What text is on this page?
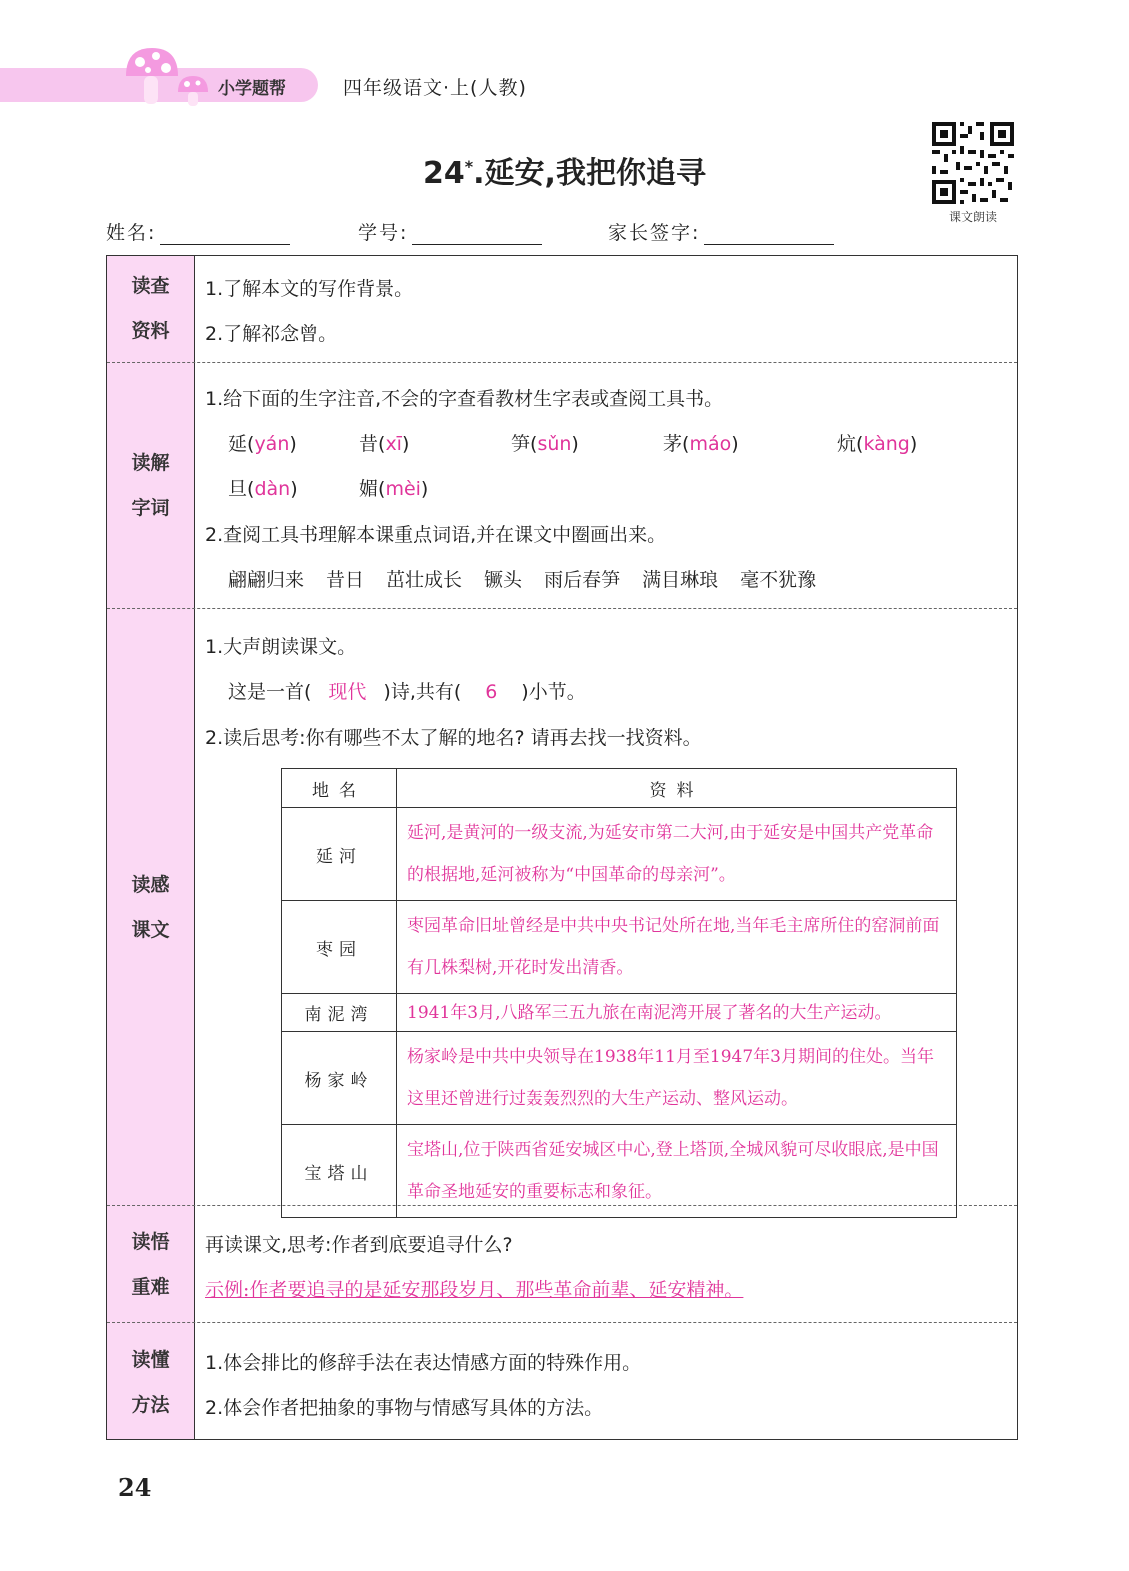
小学题帮	四年级语文·上(人教)
24*.延安,我把你追寻
课文朗读
姓名:	学号:	家长签字:
读查
资料
1.了解本文的写作背景。
2.了解祁念曾。
读解
字词
1.给下面的生字注音,不会的字查看教材生字表或查阅工具书。
延(yán)	昔(xī)	笋(sǔn)	茅(máo)	炕(kàng)
旦(dàn)	媚(mèi)
2.查阅工具书理解本课重点词语,并在课文中圈画出来。
翩翩归来 昔日 茁壮成长 镢头 雨后春笋 满目琳琅 毫不犹豫
读感
课文
1.大声朗读课文。
这是一首( 现代 )诗,共有( 6 )小节。
2.读后思考:你有哪些不太了解的地名? 请再去找一找资料。
地名	资料
延河	延河,是黄河的一级支流,为延安市第二大河,由于延安是中国共产党革命的根据地,延河被称为“中国革命的母亲河”。
枣园	枣园革命旧址曾经是中共中央书记处所在地,当年毛主席所住的窑洞前面有几株梨树,开花时发出清香。
南泥湾	1941年3月,八路军三五九旅在南泥湾开展了著名的大生产运动。
杨家岭	杨家岭是中共中央领导在1938年11月至1947年3月期间的住处。当年这里还曾进行过轰轰烈烈的大生产运动、整风运动。
宝塔山	宝塔山,位于陕西省延安城区中心,登上塔顶,全城风貌可尽收眼底,是中国革命圣地延安的重要标志和象征。
读悟
重难
再读课文,思考:作者到底要追寻什么?
示例:作者要追寻的是延安那段岁月、那些革命前辈、延安精神。
读懂
方法
1.体会排比的修辞手法在表达情感方面的特殊作用。
2.体会作者把抽象的事物与情感写具体的方法。
24
